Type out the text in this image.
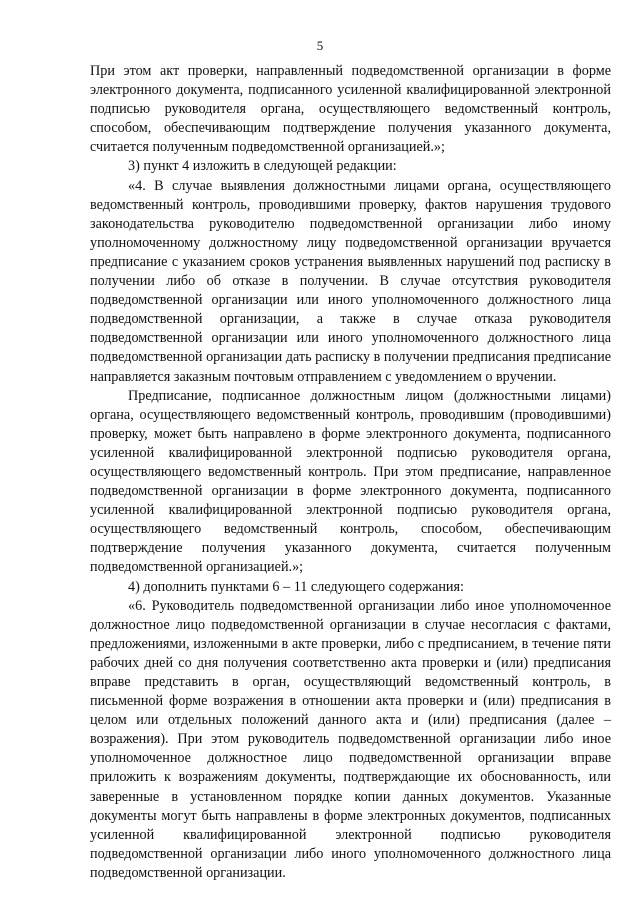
5

При этом акт проверки, направленный подведомственной организации в форме электронного документа, подписанного усиленной квалифицированной электронной подписью руководителя органа, осуществляющего ведомственный контроль, способом, обеспечивающим подтверждение получения указанного документа, считается полученным подведомственной организацией.»;

3) пункт 4 изложить в следующей редакции:

«4. В случае выявления должностными лицами органа, осуществляющего ведомственный контроль, проводившими проверку, фактов нарушения трудового законодательства руководителю подведомственной организации либо иному уполномоченному должностному лицу подведомственной организации вручается предписание с указанием сроков устранения выявленных нарушений под расписку в получении либо об отказе в получении. В случае отсутствия руководителя подведомственной организации или иного уполномоченного должностного лица подведомственной организации, а также в случае отказа руководителя подведомственной организации или иного уполномоченного должностного лица подведомственной организации дать расписку в получении предписания предписание направляется заказным почтовым отправлением с уведомлением о вручении.

Предписание, подписанное должностным лицом (должностными лицами) органа, осуществляющего ведомственный контроль, проводившим (проводившими) проверку, может быть направлено в форме электронного документа, подписанного усиленной квалифицированной электронной подписью руководителя органа, осуществляющего ведомственный контроль. При этом предписание, направленное подведомственной организации в форме электронного документа, подписанного усиленной квалифицированной электронной подписью руководителя органа, осуществляющего ведомственный контроль, способом, обеспечивающим подтверждение получения указанного документа, считается полученным подведомственной организацией.»;

4) дополнить пунктами 6 – 11 следующего содержания:

«6. Руководитель подведомственной организации либо иное уполномоченное должностное лицо подведомственной организации в случае несогласия с фактами, предложениями, изложенными в акте проверки, либо с предписанием, в течение пяти рабочих дней со дня получения соответственно акта проверки и (или) предписания вправе представить в орган, осуществляющий ведомственный контроль, в письменной форме возражения в отношении акта проверки и (или) предписания в целом или отдельных положений данного акта и (или) предписания (далее – возражения). При этом руководитель подведомственной организации либо иное уполномоченное должностное лицо подведомственной организации вправе приложить к возражениям документы, подтверждающие их обоснованность, или заверенные в установленном порядке копии данных документов. Указанные документы могут быть направлены в форме электронных документов, подписанных усиленной квалифицированной электронной подписью руководителя подведомственной организации либо иного уполномоченного должностного лица подведомственной организации.
